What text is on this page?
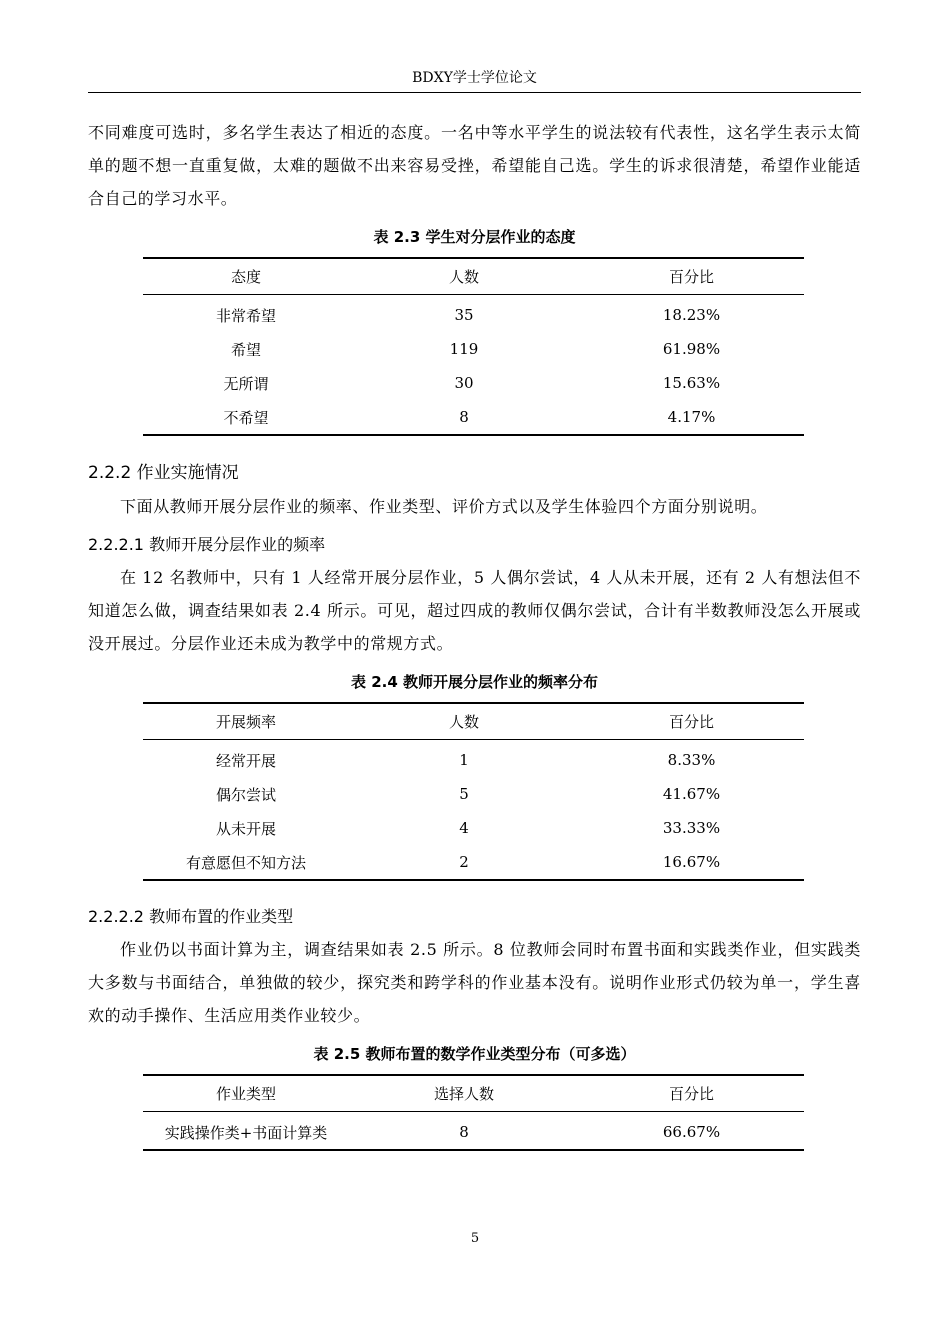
BDXY学士学位论文

不同难度可选时，多名学生表达了相近的态度。一名中等水平学生的说法较有代表性，这名学生表示太简单的题不想一直重复做，太难的题做不出来容易受挫，希望能自己选。学生的诉求很清楚，希望作业能适合自己的学习水平。

表 2.3 学生对分层作业的态度

态度	人数	百分比
非常希望	35	18.23%
希望	119	61.98%
无所谓	30	15.63%
不希望	8	4.17%
2.2.2 作业实施情况

下面从教师开展分层作业的频率、作业类型、评价方式以及学生体验四个方面分别说明。

2.2.2.1 教师开展分层作业的频率

在 12 名教师中，只有 1 人经常开展分层作业，5 人偶尔尝试，4 人从未开展，还有 2 人有想法但不知道怎么做，调查结果如表 2.4 所示。可见，超过四成的教师仅偶尔尝试，合计有半数教师没怎么开展或没开展过。分层作业还未成为教学中的常规方式。

表 2.4 教师开展分层作业的频率分布

开展频率	人数	百分比
经常开展	1	8.33%
偶尔尝试	5	41.67%
从未开展	4	33.33%
有意愿但不知方法	2	16.67%
2.2.2.2 教师布置的作业类型

作业仍以书面计算为主，调查结果如表 2.5 所示。8 位教师会同时布置书面和实践类作业，但实践类大多数与书面结合，单独做的较少，探究类和跨学科的作业基本没有。说明作业形式仍较为单一，学生喜欢的动手操作、生活应用类作业较少。

表 2.5 教师布置的数学作业类型分布（可多选）

作业类型	选择人数	百分比
实践操作类+书面计算类	8	66.67%
5
